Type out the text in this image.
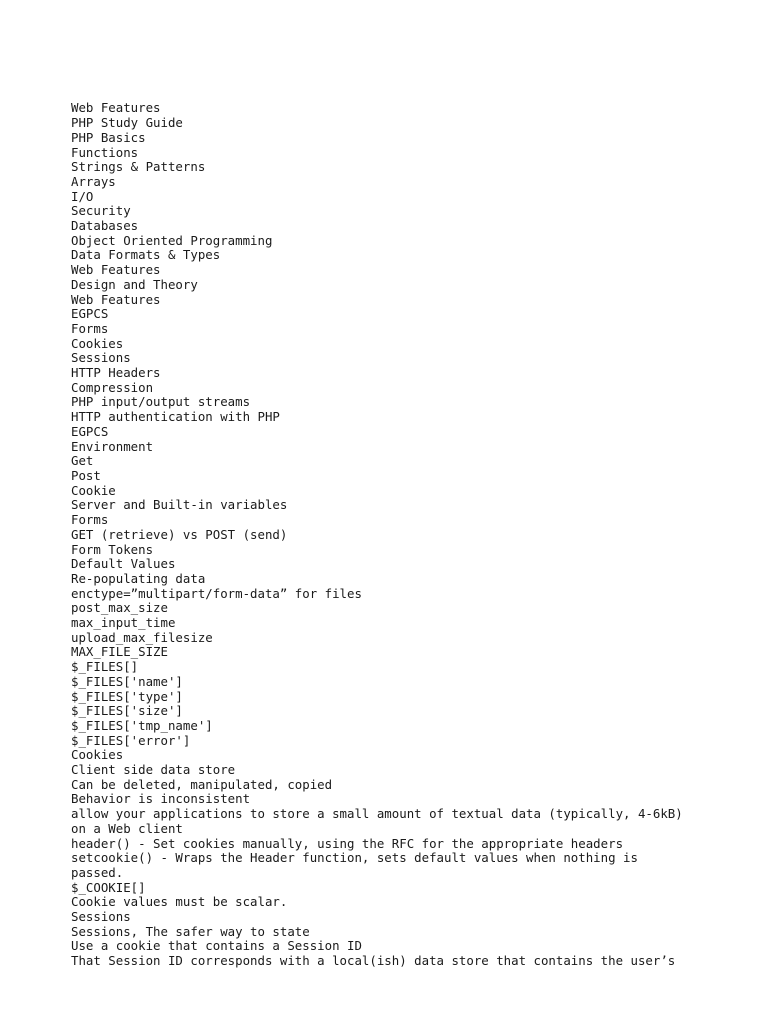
Web Features
PHP Study Guide
PHP Basics
Functions
Strings & Patterns
Arrays
I/O
Security
Databases
Object Oriented Programming
Data Formats & Types
Web Features
Design and Theory
Web Features
EGPCS
Forms
Cookies
Sessions
HTTP Headers
Compression
PHP input/output streams
HTTP authentication with PHP
EGPCS
Environment
Get
Post
Cookie
Server and Built-in variables
Forms
GET (retrieve) vs POST (send)
Form Tokens
Default Values
Re-populating data
enctype=”multipart/form-data” for files
post_max_size
max_input_time
upload_max_filesize
MAX_FILE_SIZE
$_FILES[]
$_FILES['name']
$_FILES['type']
$_FILES['size']
$_FILES['tmp_name']
$_FILES['error']
Cookies
Client side data store
Can be deleted, manipulated, copied
Behavior is inconsistent
allow your applications to store a small amount of textual data (typically, 4-6kB)
on a Web client
header() - Set cookies manually, using the RFC for the appropriate headers
setcookie() - Wraps the Header function, sets default values when nothing is
passed.
$_COOKIE[]
Cookie values must be scalar.
Sessions
Sessions, The safer way to state
Use a cookie that contains a Session ID
That Session ID corresponds with a local(ish) data store that contains the user’s
